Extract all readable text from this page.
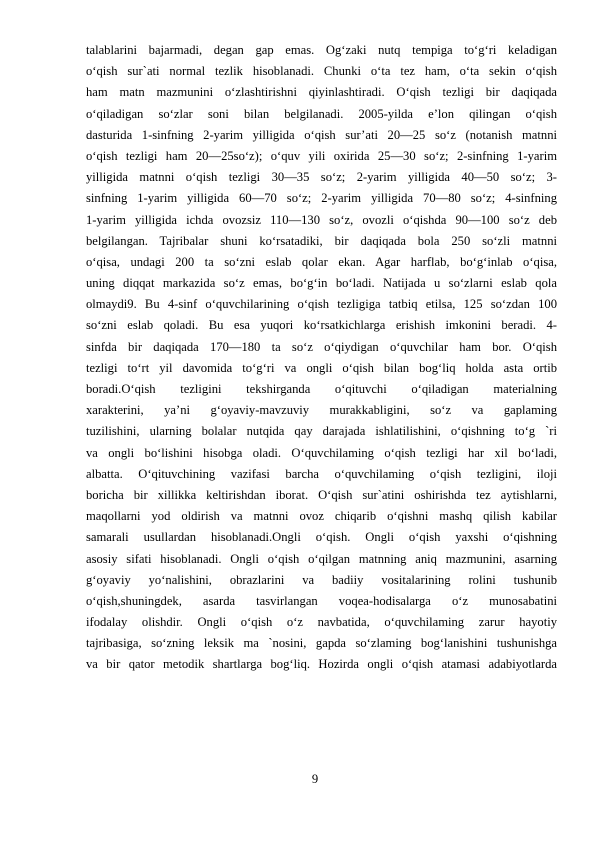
talablarini bajarmadi, degan gap emas. Og‘zaki nutq tempiga to‘g‘ri keladigan
o‘qish sur`ati normal tezlik hisoblanadi. Chunki o‘ta tez ham, o‘ta sekin o‘qish
ham matn mazmunini o‘zlashtirishni qiyinlashtiradi. O‘qish tezligi bir daqiqada
o‘qiladigan so‘zlar soni bilan belgilanadi. 2005-yilda e’lon qilingan o‘qish
dasturida 1-sinfning 2-yarim yilligida o‘qish sur’ati 20—25 so‘z (notanish matnni
o‘qish tezligi ham 20—25so‘z); o‘quv yili oxirida 25—30 so‘z; 2-sinfning 1-yarim
yilligida matnni o‘qish tezligi 30—35 so‘z; 2-yarim yilligida 40—50 so‘z; 3-
sinfning 1-yarim yilligida 60—70 so‘z; 2-yarim yilligida 70—80 so‘z; 4-sinfning
1-yarim yilligida ichda ovozsiz 110—130 so‘z, ovozli o‘qishda 90—100 so‘z deb
belgilangan. Tajribalar shuni ko‘rsatadiki, bir daqiqada bola 250 so‘zli matnni
o‘qisa, undagi 200 ta so‘zni eslab qolar ekan. Agar harflab, bo‘g‘inlab o‘qisa,
uning diqqat markazida so‘z emas, bo‘g‘in bo‘ladi. Natijada u so‘zlarni eslab qola
olmaydi9. Bu 4-sinf o‘quvchilarining o‘qish tezligiga tatbiq etilsa, 125 so‘zdan 100
so‘zni eslab qoladi. Bu esa yuqori ko‘rsatkichlarga erishish imkonini beradi. 4-
sinfda bir daqiqada 170—180 ta so‘z o‘qiydigan o‘quvchilar ham bor. O‘qish
tezligi to‘rt yil davomida to‘g‘ri va ongli o‘qish bilan bog‘liq holda asta ortib
boradi.O‘qish tezligini tekshirganda o‘qituvchi o‘qiladigan materialning
xarakterini, ya’ni g‘oyaviy-mavzuviy murakkabligini, so‘z va gaplaming
tuzilishini, ularning bolalar nutqida qay darajada ishlatilishini, o‘qishning to‘g `ri
va ongli bo‘lishini hisobga oladi. O‘quvchilaming o‘qish tezligi har xil bo‘ladi,
albatta. O‘qituvchining vazifasi barcha o‘quvchilaming o‘qish tezligini, iloji
boricha bir xillikka keltirishdan iborat. O‘qish sur`atini oshirishda tez aytishlarni,
maqollarni yod oldirish va matnni ovoz chiqarib o‘qishni mashq qilish kabilar
samarali usullardan hisoblanadi.Ongli o‘qish. Ongli o‘qish yaxshi o‘qishning
asosiy sifati hisoblanadi. Ongli o‘qish o‘qilgan matnning aniq mazmunini, asarning
g‘oyaviy yo‘nalishini, obrazlarini va badiiy vositalarining rolini tushunib
o‘qish,shuningdek, asarda tasvirlangan voqea-hodisalarga o‘z munosabatini
ifodalay olishdir. Ongli o‘qish o‘z navbatida, o‘quvchilaming zarur hayotiy
tajribasiga, so‘zning leksik ma `nosini, gapda so‘zlaming bog‘lanishini tushunishga
va bir qator metodik shartlarga bog‘liq. Hozirda ongli o‘qish atamasi adabiyotlarda
9
